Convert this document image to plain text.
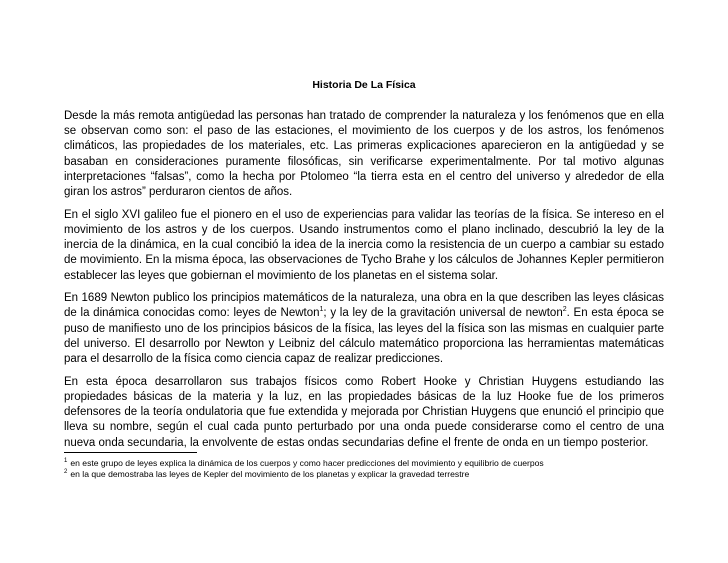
Historia De La Física

Desde la más remota antigüedad las personas han tratado de comprender la naturaleza y los fenómenos que en ella se observan como son: el paso de las estaciones, el movimiento de los cuerpos y de los astros, los fenómenos climáticos, las propiedades de los materiales, etc. Las primeras explicaciones aparecieron en la antigüedad y se basaban en consideraciones puramente filosóficas, sin verificarse experimentalmente. Por tal motivo algunas interpretaciones “falsas”, como la hecha por Ptolomeo “la tierra esta en el centro del universo y alrededor de ella giran los astros” perduraron cientos de años.

En el siglo XVI galileo fue el pionero en el uso de experiencias para validar las teorías de la física. Se intereso en el movimiento de los astros y de los cuerpos. Usando instrumentos como el plano inclinado, descubrió la ley de la inercia de la dinámica, en la cual concibió la idea de la inercia como la resistencia de un cuerpo a cambiar su estado de movimiento. En la misma época, las observaciones de Tycho Brahe y los cálculos de Johannes Kepler permitieron establecer las leyes que gobiernan el movimiento de los planetas en el sistema solar.

En 1689 Newton publico los principios matemáticos de la naturaleza, una obra en la que describen las leyes clásicas de la dinámica conocidas como: leyes de Newton$^1$; y la ley de la gravitación universal de newton$^2$. En esta época se puso de manifiesto uno de los principios básicos de la física, las leyes del la física son las mismas en cualquier parte del universo. El desarrollo por Newton y Leibniz del cálculo matemático proporciona las herramientas matemáticas para el desarrollo de la física como ciencia capaz de realizar predicciones.

En esta época desarrollaron sus trabajos físicos como Robert Hooke y Christian Huygens estudiando las propiedades básicas de la materia y la luz, en las propiedades básicas de la luz Hooke fue de los primeros defensores de la teoría ondulatoria que fue extendida y mejorada por Christian Huygens que enunció el principio que lleva su nombre, según el cual cada punto perturbado por una onda puede considerarse como el centro de una nueva onda secundaria, la envolvente de estas ondas secundarias define el frente de onda en un tiempo posterior.

$^1$ en este grupo de leyes explica la dinámica de los cuerpos y como hacer predicciones del movimiento y equilibrio de cuerpos
$^2$ en la que demostraba las leyes de Kepler del movimiento de los planetas y explicar la gravedad terrestre
